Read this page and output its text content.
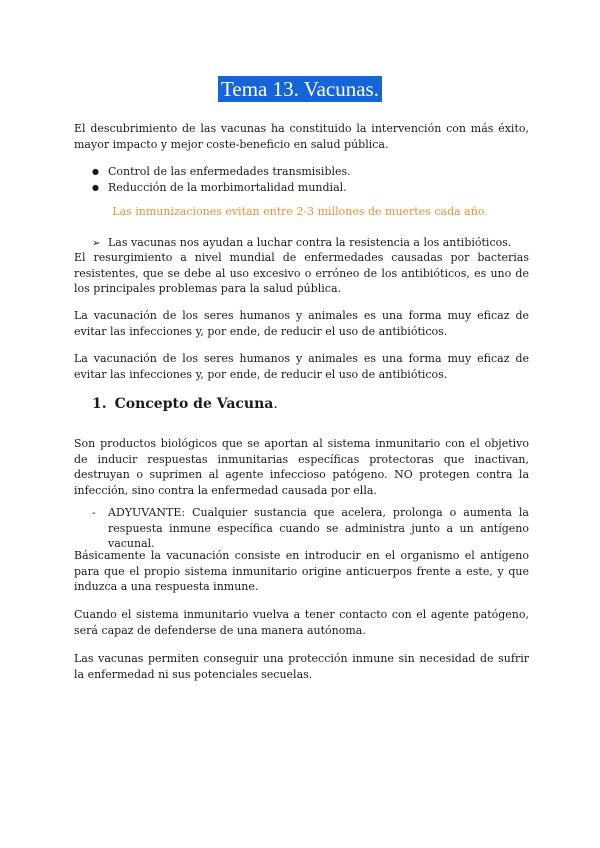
Tema 13. Vacunas.
El descubrimiento de las vacunas ha constituido la intervención con más éxito, mayor impacto y mejor coste-beneficio en salud pública.
● Control de las enfermedades transmisibles.
● Reducción de la morbimortalidad mundial.
Las inmunizaciones evitan entre 2-3 millones de muertes cada año.
➢ Las vacunas nos ayudan a luchar contra la resistencia a los antibióticos.
El resurgimiento a nivel mundial de enfermedades causadas por bacterias resistentes, que se debe al uso excesivo o erróneo de los antibióticos, es uno de los principales problemas para la salud pública.
La vacunación de los seres humanos y animales es una forma muy eficaz de evitar las infecciones y, por ende, de reducir el uso de antibióticos.
La vacunación de los seres humanos y animales es una forma muy eficaz de evitar las infecciones y, por ende, de reducir el uso de antibióticos.
1. Concepto de Vacuna.
Son productos biológicos que se aportan al sistema inmunitario con el objetivo de inducir respuestas inmunitarias específicas protectoras que inactivan, destruyan o suprimen al agente infeccioso patógeno. NO protegen contra la infección, sino contra la enfermedad causada por ella.
- ADYUVANTE: Cualquier sustancia que acelera, prolonga o aumenta la respuesta inmune específica cuando se administra junto a un antígeno vacunal.
Básicamente la vacunación consiste en introducir en el organismo el antígeno para que el propio sistema inmunitario origine anticuerpos frente a este, y que induzca a una respuesta inmune.
Cuando el sistema inmunitario vuelva a tener contacto con el agente patógeno, será capaz de defenderse de una manera autónoma.
Las vacunas permiten conseguir una protección inmune sin necesidad de sufrir la enfermedad ni sus potenciales secuelas.
